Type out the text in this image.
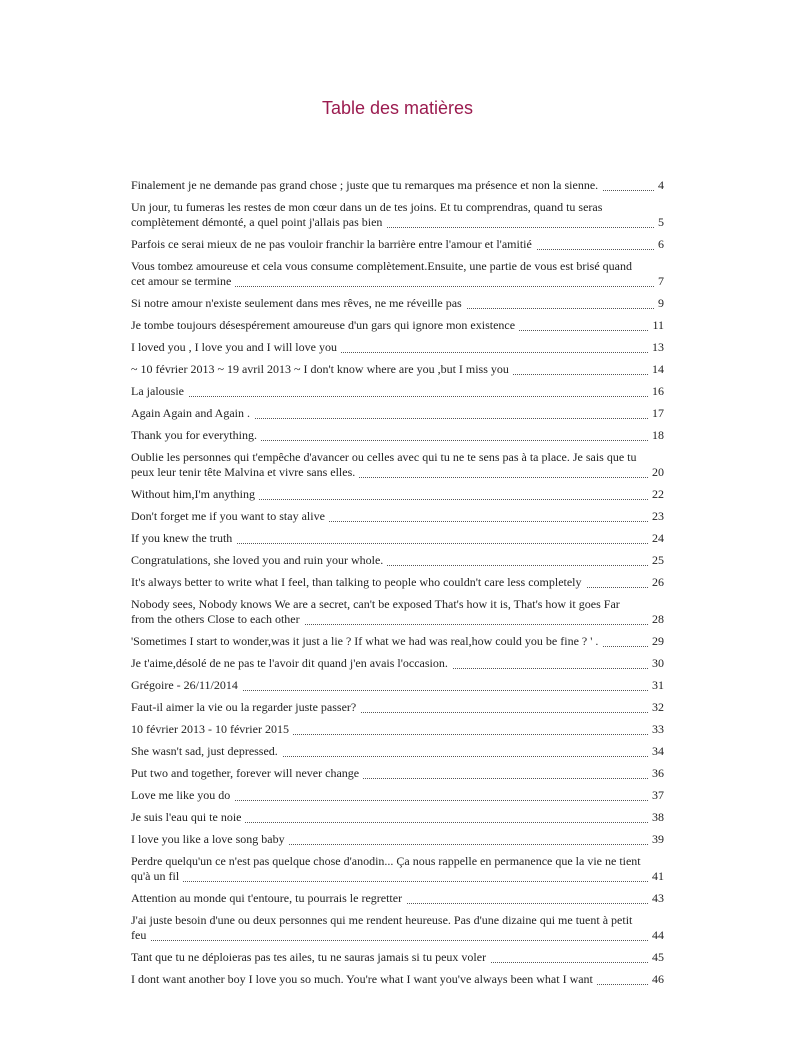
Table des matières
Finalement je ne demande pas grand chose ; juste que tu remarques ma présence et non la sienne.	4
Un jour, tu fumeras les restes de mon cœur dans un de tes joins. Et tu comprendras, quand tu seras
complètement démonté, a quel point j'allais pas bien	5
Parfois ce serai mieux de ne pas vouloir franchir la barrière entre l'amour et l'amitié	6
Vous tombez amoureuse et cela vous consume complètement.Ensuite, une partie de vous est brisé quand
cet amour se termine	7
Si notre amour n'existe seulement dans mes rêves, ne me réveille pas	9
Je tombe toujours désespérement amoureuse d'un gars qui ignore mon existence	11
I loved you , I love you and I will love you	13
~ 10 février 2013 ~ 19 avril 2013 ~ I don't know where are you ,but I miss you	14
La jalousie	16
Again Again and Again .	17
Thank you for everything.	18
Oublie les personnes qui t'empêche d'avancer ou celles avec qui tu ne te sens pas à ta place. Je sais que tu
peux leur tenir tête Malvina et vivre sans elles.	20
Without him,I'm anything	22
Don't forget me if you want to stay alive	23
If you knew the truth	24
Congratulations, she loved you and ruin your whole.	25
It's always better to write what I feel, than talking to people who couldn't care less completely	26
Nobody sees, Nobody knows We are a secret, can't be exposed That's how it is, That's how it goes Far
from the others Close to each other	28
'Sometimes I start to wonder,was it just a lie ? If what we had was real,how could you be fine ? ' .	29
Je t'aime,désolé de ne pas te l'avoir dit quand j'en avais l'occasion.	30
Grégoire - 26/11/2014	31
Faut-il aimer la vie ou la regarder juste passer?	32
10 février 2013 - 10 février 2015	33
She wasn't sad, just depressed.	34
Put two and together, forever will never change	36
Love me like you do	37
Je suis l'eau qui te noie	38
I love you like a love song baby	39
Perdre quelqu'un ce n'est pas quelque chose d'anodin... Ça nous rappelle en permanence que la vie ne tient
qu'à un fil	41
Attention au monde qui t'entoure, tu pourrais le regretter	43
J'ai juste besoin d'une ou deux personnes qui me rendent heureuse. Pas d'une dizaine qui me tuent à petit
feu	44
Tant que tu ne déploieras pas tes ailes, tu ne sauras jamais si tu peux voler	45
I dont want another boy I love you so much. You're what I want you've always been what I want	46
